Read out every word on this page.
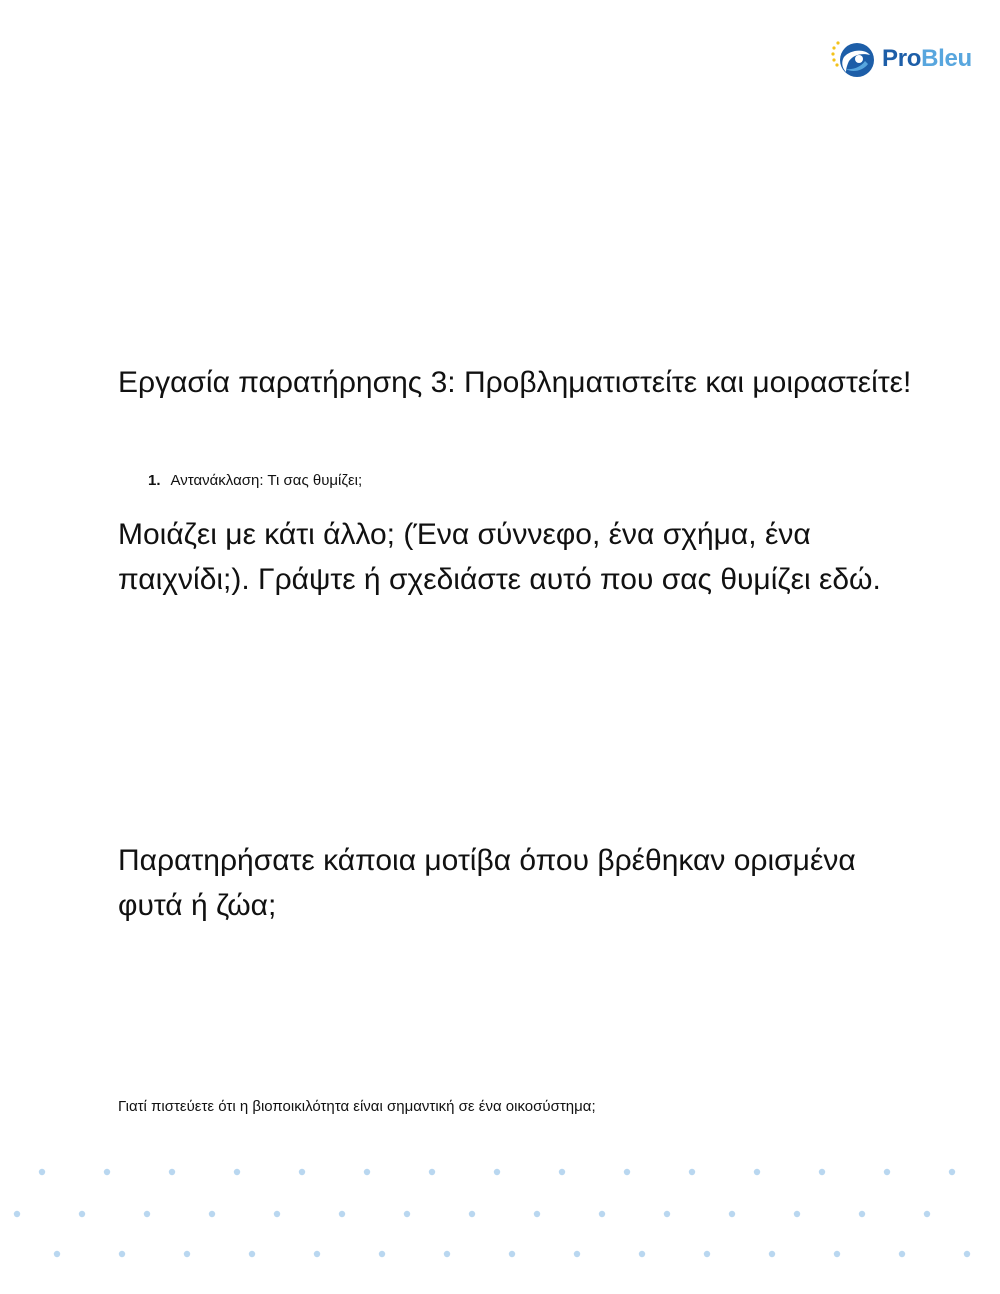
ProBleu
Εργασία παρατήρησης 3: Προβληματιστείτε και μοιραστείτε!
1. Αντανάκλαση: Τι σας θυμίζει;

Μοιάζει με κάτι άλλο; (Ένα σύννεφο, ένα σχήμα, ένα παιχνίδι;). Γράψτε ή σχεδιάστε αυτό που σας θυμίζει εδώ.

Παρατηρήσατε κάποια μοτίβα όπου βρέθηκαν ορισμένα φυτά ή ζώα;

Γιατί πιστεύετε ότι η βιοποικιλότητα είναι σημαντική σε ένα οικοσύστημα;
